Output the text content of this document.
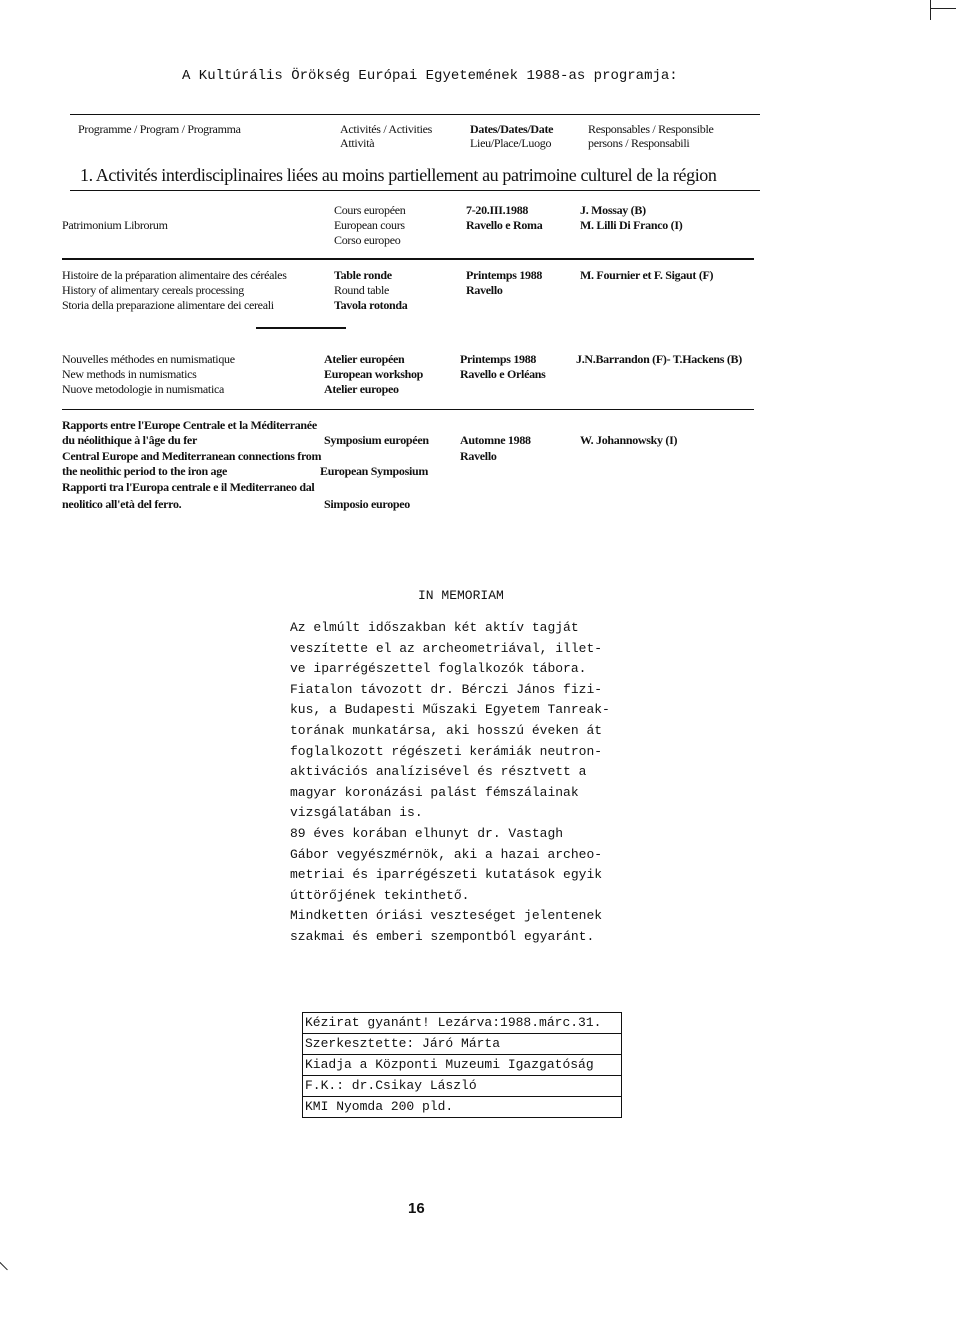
A Kultúrális Örökség Európai Egyetemének 1988-as programja:
Programme / Program / Programma	Activités / Activities
Attività
Dates/Dates/Date
Lieu/Place/Luogo
Responsables / Responsible
persons / Responsabili
1. Activités interdisciplinaires liées au moins partiellement au patrimoine culturel de la région
Patrimonium Librorum
Cours européen
European cours
Corso europeo
7-20.III.1988
Ravello e Roma
J. Mossay (B)
M. Lilli Di Franco (I)
Histoire de la préparation alimentaire des céréales
History of alimentary cereals processing
Storia della preparazione alimentare dei cereali
Table ronde
Round table
Tavola rotonda
Printemps 1988
Ravello
M. Fournier et F. Sigaut (F)
Nouvelles méthodes en numismatique
New methods in numismatics
Nuove metodologie in numismatica
Atelier européen
European workshop
Atelier europeo
Printemps 1988
Ravello e Orléans
J.N.Barrandon (F)- T.Hackens (B)
Rapports entre l'Europe Centrale et la Méditerranée
du néolithique à l'âge du fer
Central Europe and Mediterranean connections from
the neolithic period to the iron age
Rapporti tra l'Europa centrale e il Mediterraneo dal
neolitico all'età del ferro.
Symposium européen
European Symposium
Simposio europeo
Automne 1988
Ravello
W. Johannowsky (I)
IN MEMORIAM
Az elmúlt időszakban két aktív tagját
veszítette el az archeometriával, illet-
ve iparrégészettel foglalkozók tábora.
Fiatalon távozott dr. Bérczi János fizi-
kus, a Budapesti Műszaki Egyetem Tanreak-
torának munkatársa, aki hosszú éveken át
foglalkozott régészeti kerámiák neutron-
aktivációs analízisével és résztvett a
magyar koronázási palást fémszálainak
vizsgálatában is.
89 éves korában elhunyt dr. Vastagh
Gábor vegyészmérnök, aki a hazai archeo-
metriai és iparrégészeti kutatások egyik
úttörőjének tekinthető.
Mindketten óriási veszteséget jelentenek
szakmai és emberi szempontból egyaránt.
Kézirat gyanánt! Lezárva:1988.márc.31.
Szerkesztette: Járó Márta
Kiadja a Központi Muzeumi Igazgatóság
F.K.: dr.Csikay László
KMI Nyomda 200 pld.
16
